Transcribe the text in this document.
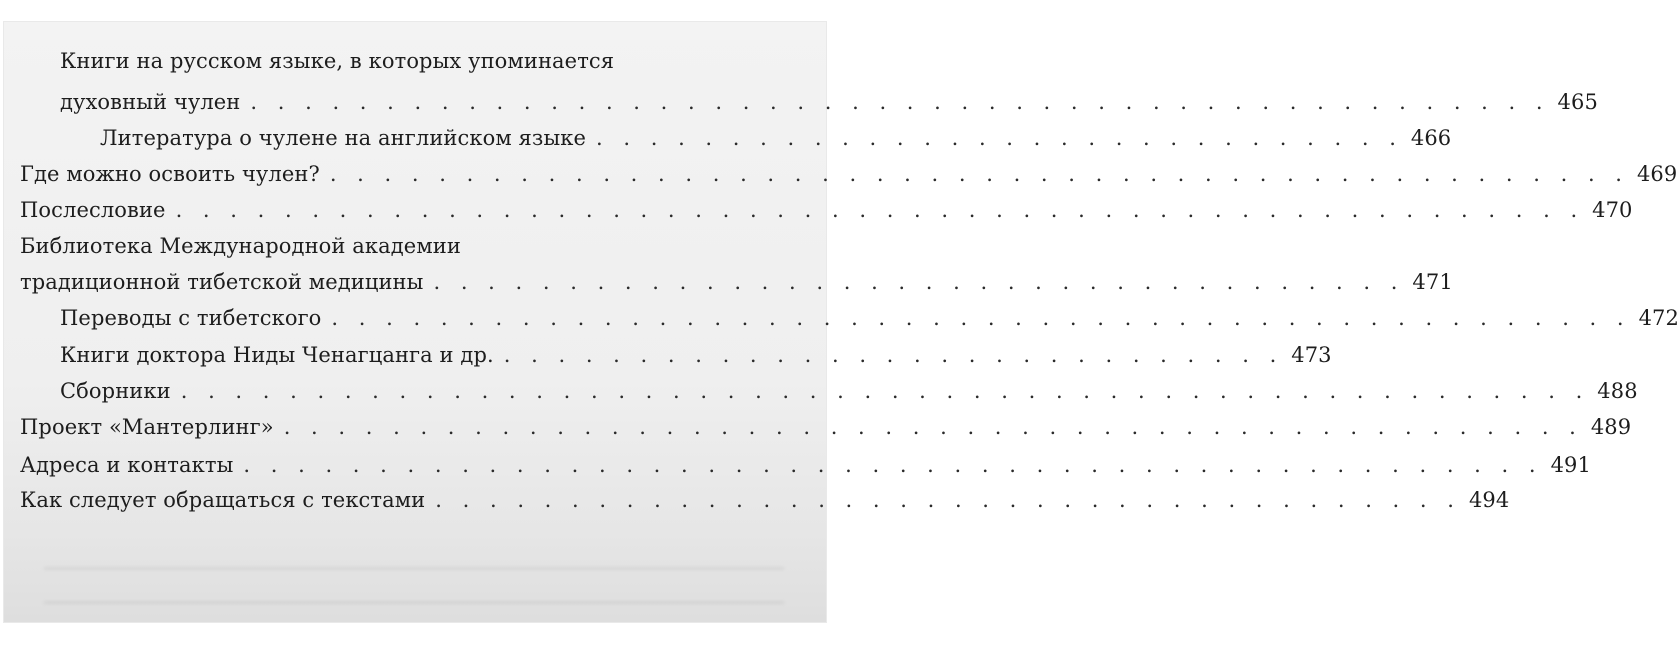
Книги на русском языке, в которых упоминается
духовный чулен . . . . . . . . . . . . . . . . . . . . . . . . . . . . . . . . . . . . . . . . . . . . . . . . 465
Литература о чулене на английском языке . . . . . . . . . . . . . . . . . . . . . . . . . . . . . . 466
Где можно освоить чулен? . . . . . . . . . . . . . . . . . . . . . . . . . . . . . . . . . . . . . . . . . . . . . . . . 469
Послесловие . . . . . . . . . . . . . . . . . . . . . . . . . . . . . . . . . . . . . . . . . . . . . . . . . . . . 470
Библиотека Международной академии
традиционной тибетской медицины . . . . . . . . . . . . . . . . . . . . . . . . . . . . . . . . . . . . 471
Переводы с тибетского . . . . . . . . . . . . . . . . . . . . . . . . . . . . . . . . . . . . . . . . . . . . . . . . 472
Книги доктора Ниды Ченагцанга и др. . . . . . . . . . . . . . . . . . . . . . . . . . . . . . 473
Сборники . . . . . . . . . . . . . . . . . . . . . . . . . . . . . . . . . . . . . . . . . . . . . . . . . . . . 488
Проект «Мантерлинг» . . . . . . . . . . . . . . . . . . . . . . . . . . . . . . . . . . . . . . . . . . . . . . . . 489
Адреса и контакты . . . . . . . . . . . . . . . . . . . . . . . . . . . . . . . . . . . . . . . . . . . . . . . . 491
Как следует обращаться с текстами . . . . . . . . . . . . . . . . . . . . . . . . . . . . . . . . . . . . . . 494
